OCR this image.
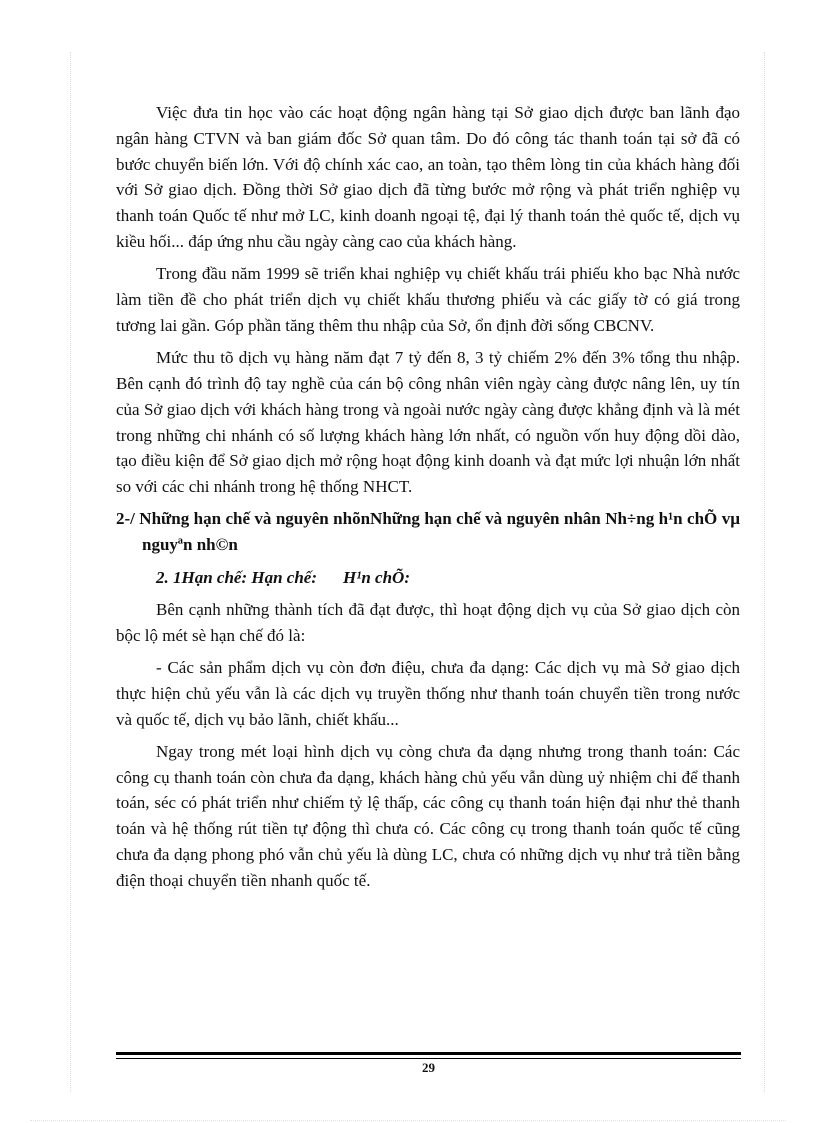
Việc đưa tin học vào các hoạt động ngân hàng tại Sở giao dịch được ban lãnh đạo ngân hàng CTVN và ban giám đốc Sở quan tâm. Do đó công tác thanh toán tại sở đã có bước chuyển biến lớn. Với độ chính xác cao, an toàn, tạo thêm lòng tin của khách hàng đối với Sở giao dịch. Đồng thời Sở giao dịch đã từng bước mở rộng và phát triển nghiệp vụ thanh toán Quốc tế như mở LC, kinh doanh ngoại tệ, đại lý thanh toán thẻ quốc tế, dịch vụ kiều hối... đáp ứng nhu cầu ngày càng cao của khách hàng.

Trong đầu năm 1999 sẽ triển khai nghiệp vụ chiết khấu trái phiếu kho bạc Nhà nước làm tiền đề cho phát triển dịch vụ chiết khấu thương phiếu và các giấy tờ có giá trong tương lai gần. Góp phần tăng thêm thu nhập của Sở, ổn định đời sống CBCNV.

Mức thu tõ dịch vụ hàng năm đạt 7 tỷ đến 8, 3 tỷ chiếm 2% đến 3% tổng thu nhập. Bên cạnh đó trình độ tay nghề của cán bộ công nhân viên ngày càng được nâng lên, uy tín của Sở giao dịch với khách hàng trong và ngoài nước ngày càng được khẳng định và là mét trong những chi nhánh có số lượng khách hàng lớn nhất, có nguồn vốn huy động dồi dào, tạo điều kiện để Sở giao dịch mở rộng hoạt động kinh doanh và đạt mức lợi nhuận lớn nhất so với các chi nhánh trong hệ thống NHCT.

2-/ Những hạn chế và nguyên nhõnNhững hạn chế và nguyên nhân Nh÷ng h¹n chÕ vµ nguyªn nh©n

2. 1Hạn chế: Hạn chế: H¹n chÕ:

Bên cạnh những thành tích đã đạt được, thì hoạt động dịch vụ của Sở giao dịch còn bộc lộ mét sè hạn chế đó là:

- Các sản phẩm dịch vụ còn đơn điệu, chưa đa dạng: Các dịch vụ mà Sở giao dịch thực hiện chủ yếu vẫn là các dịch vụ truyền thống như thanh toán chuyển tiền trong nước và quốc tế, dịch vụ bảo lãnh, chiết khấu...

Ngay trong mét loại hình dịch vụ còng chưa đa dạng nhưng trong thanh toán: Các công cụ thanh toán còn chưa đa dạng, khách hàng chủ yếu vẫn dùng uỷ nhiệm chi để thanh toán, séc có phát triển như chiếm tỷ lệ thấp, các công cụ thanh toán hiện đại như thẻ thanh toán và hệ thống rút tiền tự động thì chưa có. Các công cụ trong thanh toán quốc tế cũng chưa đa dạng phong phó vẫn chủ yếu là dùng LC, chưa có những dịch vụ như trả tiền bằng điện thoại chuyển tiền nhanh quốc tế.

29
